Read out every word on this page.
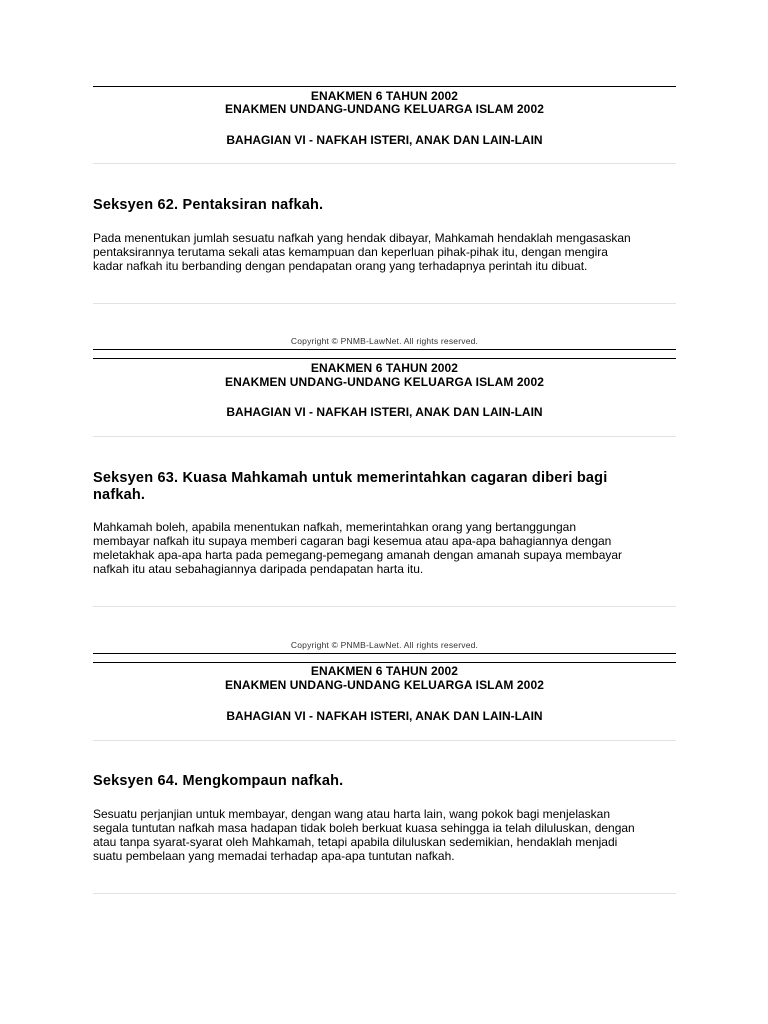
ENAKMEN 6 TAHUN 2002
ENAKMEN UNDANG-UNDANG KELUARGA ISLAM 2002
BAHAGIAN VI - NAFKAH ISTERI, ANAK DAN LAIN-LAIN
Seksyen 62. Pentaksiran nafkah.
Pada menentukan jumlah sesuatu nafkah yang hendak dibayar, Mahkamah hendaklah mengasaskan
pentaksirannya terutama sekali atas kemampuan dan keperluan pihak-pihak itu, dengan mengira
kadar nafkah itu berbanding dengan pendapatan orang yang terhadapnya perintah itu dibuat.
Copyright © PNMB-LawNet. All rights reserved.
ENAKMEN 6 TAHUN 2002
ENAKMEN UNDANG-UNDANG KELUARGA ISLAM 2002
BAHAGIAN VI - NAFKAH ISTERI, ANAK DAN LAIN-LAIN
Seksyen 63. Kuasa Mahkamah untuk memerintahkan cagaran diberi bagi
nafkah.
Mahkamah boleh, apabila menentukan nafkah, memerintahkan orang yang bertanggungan
membayar nafkah itu supaya memberi cagaran bagi kesemua atau apa-apa bahagiannya dengan
meletakhak apa-apa harta pada pemegang-pemegang amanah dengan amanah supaya membayar
nafkah itu atau sebahagiannya daripada pendapatan harta itu.
Copyright © PNMB-LawNet. All rights reserved.
ENAKMEN 6 TAHUN 2002
ENAKMEN UNDANG-UNDANG KELUARGA ISLAM 2002
BAHAGIAN VI - NAFKAH ISTERI, ANAK DAN LAIN-LAIN
Seksyen 64. Mengkompaun nafkah.
Sesuatu perjanjian untuk membayar, dengan wang atau harta lain, wang pokok bagi menjelaskan
segala tuntutan nafkah masa hadapan tidak boleh berkuat kuasa sehingga ia telah diluluskan, dengan
atau tanpa syarat-syarat oleh Mahkamah, tetapi apabila diluluskan sedemikian, hendaklah menjadi
suatu pembelaan yang memadai terhadap apa-apa tuntutan nafkah.
